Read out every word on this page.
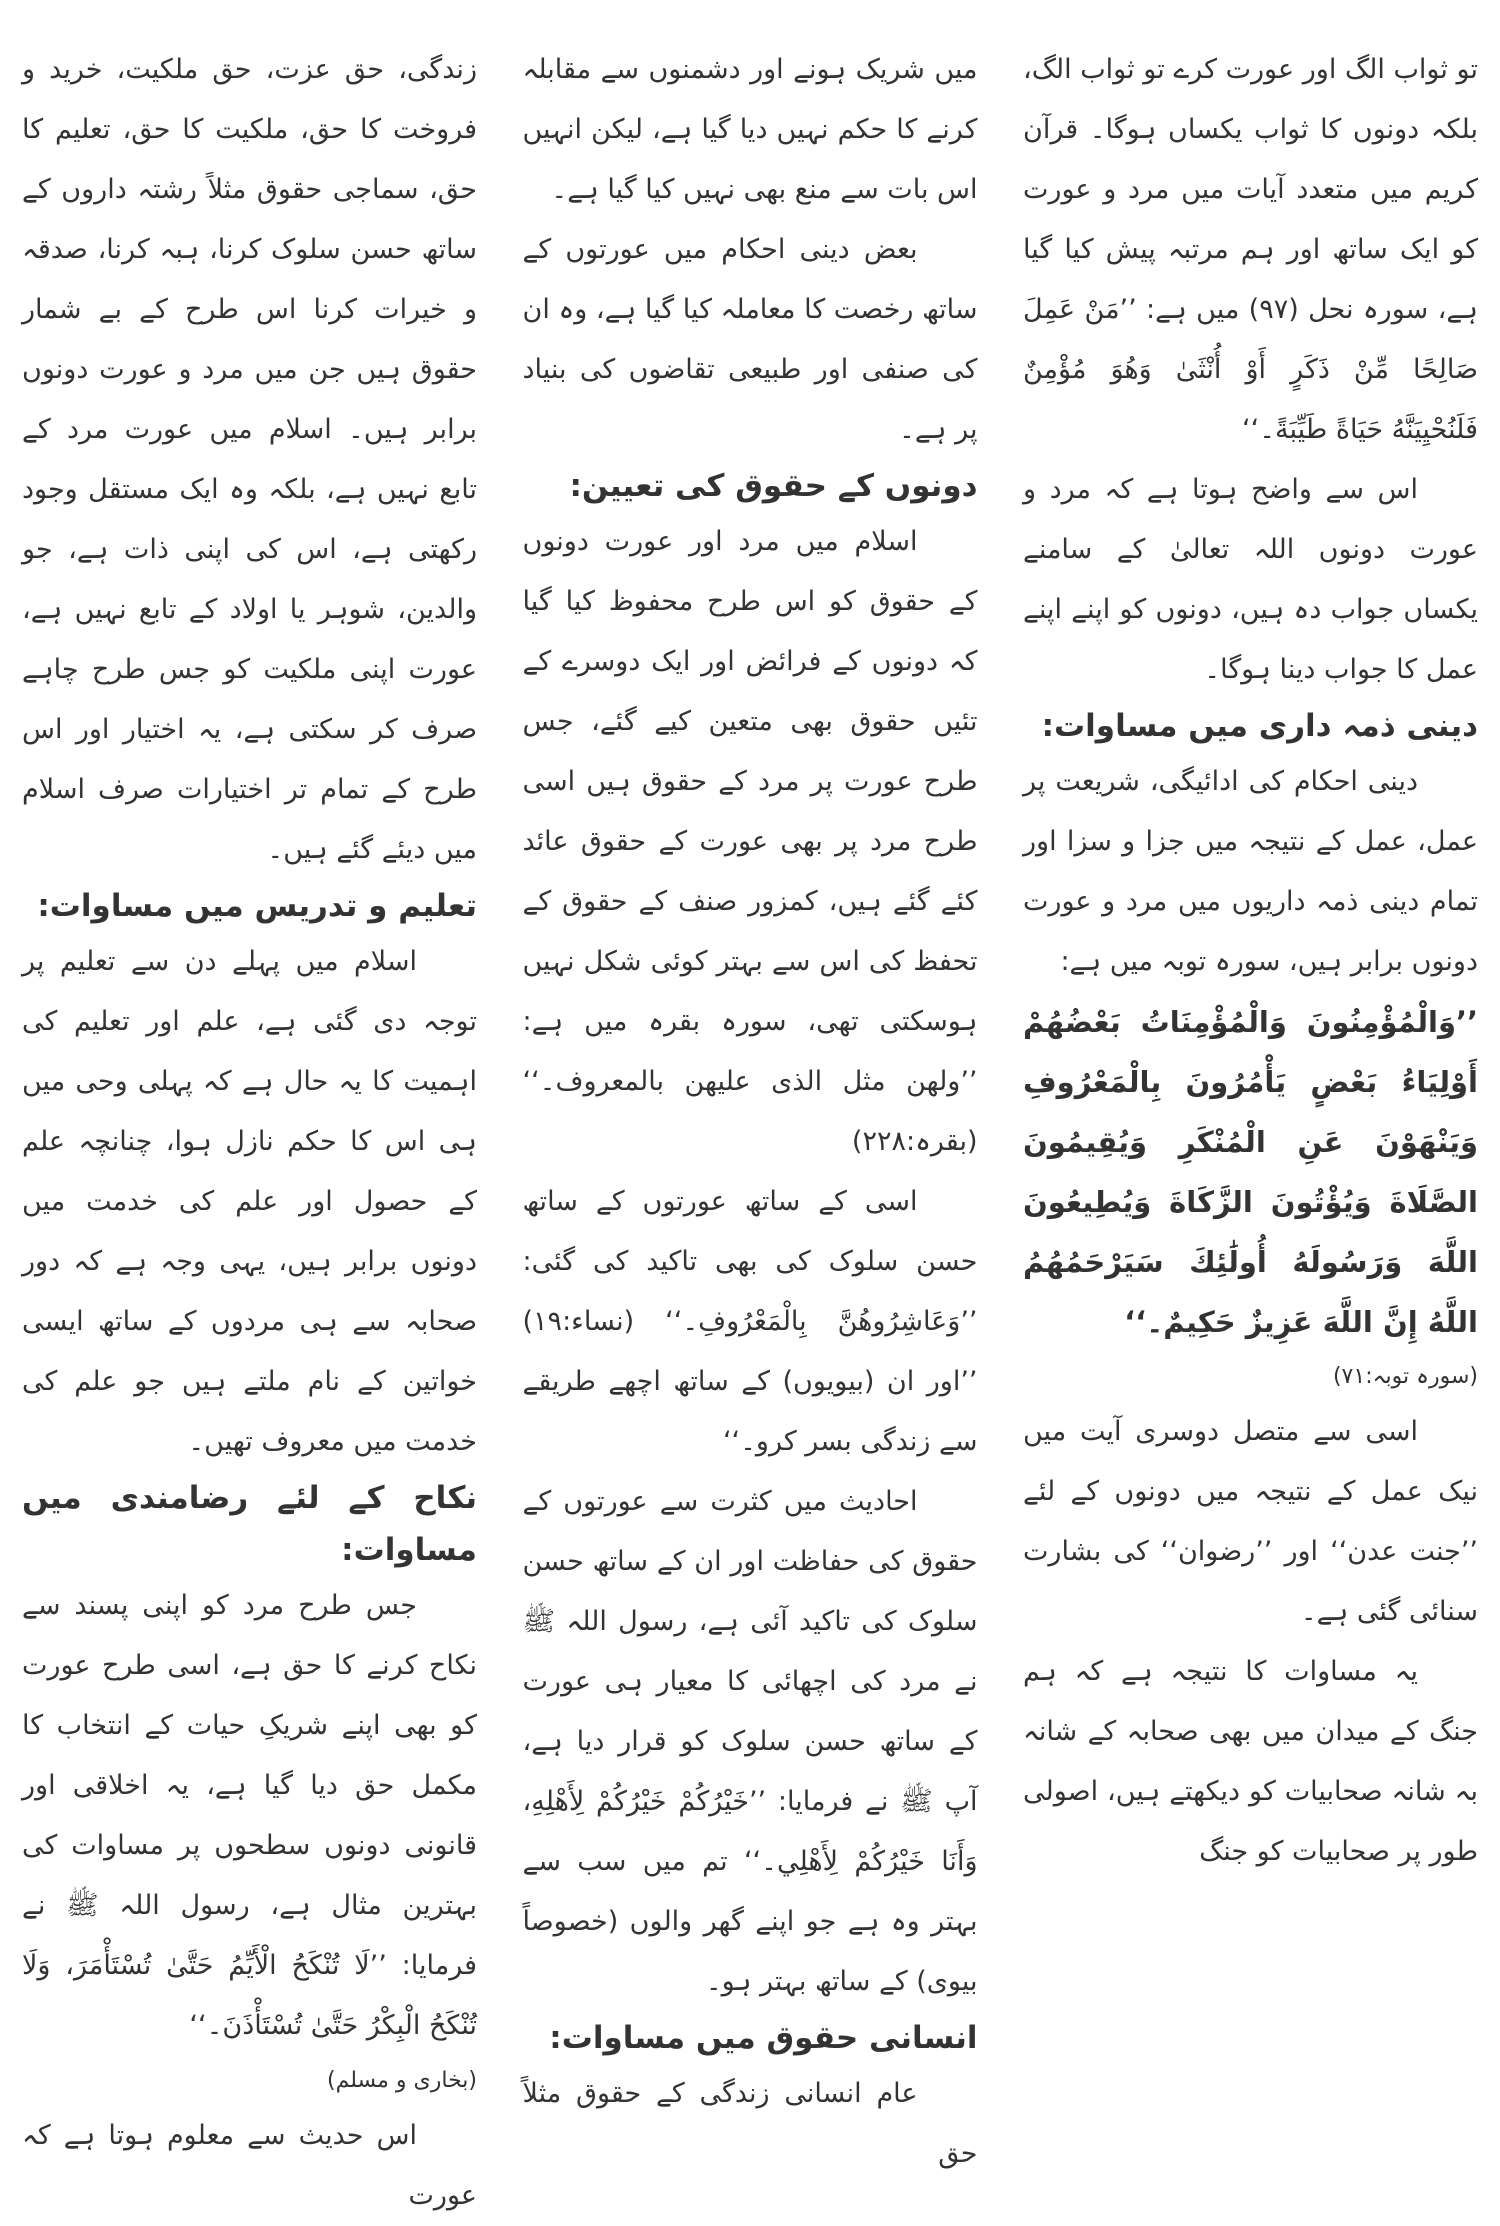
تو ثواب الگ اور عورت کرے تو ثواب الگ، بلکہ دونوں کا ثواب یکساں ہوگا۔ قرآن کریم میں متعدد آیات میں مرد و عورت کو ایک ساتھ اور ہم مرتبہ پیش کیا گیا ہے، سورہ نحل (۹۷) میں ہے: ’’مَنْ عَمِلَ صَالِحًا مِّنْ ذَكَرٍ أَوْ أُنْثَىٰ وَهُوَ مُؤْمِنٌ فَلَنُحْيِيَنَّهُ حَيَاةً طَيِّبَةً۔‘‘

اس سے واضح ہوتا ہے کہ مرد و عورت دونوں اللہ تعالیٰ کے سامنے یکساں جواب دہ ہیں، دونوں کو اپنے اپنے عمل کا جواب دینا ہوگا۔

دینی ذمہ داری میں مساوات:

دینی احکام کی ادائیگی، شریعت پر عمل، عمل کے نتیجہ میں جزا و سزا اور تمام دینی ذمہ داریوں میں مرد و عورت دونوں برابر ہیں، سورہ توبہ میں ہے:

’’وَالْمُؤْمِنُونَ وَالْمُؤْمِنَاتُ بَعْضُهُمْ أَوْلِيَاءُ بَعْضٍ يَأْمُرُونَ بِالْمَعْرُوفِ وَيَنْهَوْنَ عَنِ الْمُنْكَرِ وَيُقِيمُونَ الصَّلَاةَ وَيُؤْتُونَ الزَّكَاةَ وَيُطِيعُونَ اللَّهَ وَرَسُولَهُ أُولَٰئِكَ سَيَرْحَمُهُمُ اللَّهُ إِنَّ اللَّهَ عَزِيزٌ حَكِيمٌ۔‘‘

(سورہ توبہ:۷۱)

اسی سے متصل دوسری آیت میں نیک عمل کے نتیجہ میں دونوں کے لئے ’’جنت عدن‘‘ اور ’’رضوان‘‘ کی بشارت سنائی گئی ہے۔

یہ مساوات کا نتیجہ ہے کہ ہم جنگ کے میدان میں بھی صحابہ کے شانہ بہ شانہ صحابیات کو دیکھتے ہیں، اصولی طور پر صحابیات کو جنگ

میں شریک ہونے اور دشمنوں سے مقابلہ کرنے کا حکم نہیں دیا گیا ہے، لیکن انہیں اس بات سے منع بھی نہیں کیا گیا ہے۔

بعض دینی احکام میں عورتوں کے ساتھ رخصت کا معاملہ کیا گیا ہے، وہ ان کی صنفی اور طبیعی تقاضوں کی بنیاد پر ہے۔

دونوں کے حقوق کی تعیین:

اسلام میں مرد اور عورت دونوں کے حقوق کو اس طرح محفوظ کیا گیا کہ دونوں کے فرائض اور ایک دوسرے کے تئیں حقوق بھی متعین کیے گئے، جس طرح عورت پر مرد کے حقوق ہیں اسی طرح مرد پر بھی عورت کے حقوق عائد کئے گئے ہیں، کمزور صنف کے حقوق کے تحفظ کی اس سے بہتر کوئی شکل نہیں ہوسکتی تھی، سورہ بقرہ میں ہے: ’’ولھن مثل الذی علیھن بالمعروف۔‘‘ (بقرہ:۲۲۸)

اسی کے ساتھ عورتوں کے ساتھ حسن سلوک کی بھی تاکید کی گئی: ’’وَعَاشِرُوهُنَّ بِالْمَعْرُوفِ۔‘‘ (نساء:۱۹) ’’اور ان (بیویوں) کے ساتھ اچھے طریقے سے زندگی بسر کرو۔‘‘

احادیث میں کثرت سے عورتوں کے حقوق کی حفاظت اور ان کے ساتھ حسن سلوک کی تاکید آئی ہے، رسول اللہ ﷺ نے مرد کی اچھائی کا معیار ہی عورت کے ساتھ حسن سلوک کو قرار دیا ہے، آپ ﷺ نے فرمایا: ’’خَيْرُكُمْ خَيْرُكُمْ لِأَهْلِهِ، وَأَنَا خَيْرُكُمْ لِأَهْلِي۔‘‘ تم میں سب سے بہتر وہ ہے جو اپنے گھر والوں (خصوصاً بیوی) کے ساتھ بہتر ہو۔

انسانی حقوق میں مساوات:

عام انسانی زندگی کے حقوق مثلاً حق

زندگی، حق عزت، حق ملکیت، خرید و فروخت کا حق، ملکیت کا حق، تعلیم کا حق، سماجی حقوق مثلاً رشتہ داروں کے ساتھ حسن سلوک کرنا، ہبہ کرنا، صدقہ و خیرات کرنا اس طرح کے بے شمار حقوق ہیں جن میں مرد و عورت دونوں برابر ہیں۔ اسلام میں عورت مرد کے تابع نہیں ہے، بلکہ وہ ایک مستقل وجود رکھتی ہے، اس کی اپنی ذات ہے، جو والدین، شوہر یا اولاد کے تابع نہیں ہے، عورت اپنی ملکیت کو جس طرح چاہے صرف کر سکتی ہے، یہ اختیار اور اس طرح کے تمام تر اختیارات صرف اسلام میں دیئے گئے ہیں۔

تعلیم و تدریس میں مساوات:

اسلام میں پہلے دن سے تعلیم پر توجہ دی گئی ہے، علم اور تعلیم کی اہمیت کا یہ حال ہے کہ پہلی وحی میں ہی اس کا حکم نازل ہوا، چنانچہ علم کے حصول اور علم کی خدمت میں دونوں برابر ہیں، یہی وجہ ہے کہ دور صحابہ سے ہی مردوں کے ساتھ ایسی خواتین کے نام ملتے ہیں جو علم کی خدمت میں معروف تھیں۔

نکاح کے لئے رضامندی میں مساوات:

جس طرح مرد کو اپنی پسند سے نکاح کرنے کا حق ہے، اسی طرح عورت کو بھی اپنے شریکِ حیات کے انتخاب کا مکمل حق دیا گیا ہے، یہ اخلاقی اور قانونی دونوں سطحوں پر مساوات کی بہترین مثال ہے، رسول اللہ ﷺ نے فرمایا: ’’لَا تُنْكَحُ الْأَيِّمُ حَتَّىٰ تُسْتَأْمَرَ، وَلَا تُنْكَحُ الْبِكْرُ حَتَّىٰ تُسْتَأْذَنَ۔‘‘

(بخاری و مسلم)

اس حدیث سے معلوم ہوتا ہے کہ عورت
